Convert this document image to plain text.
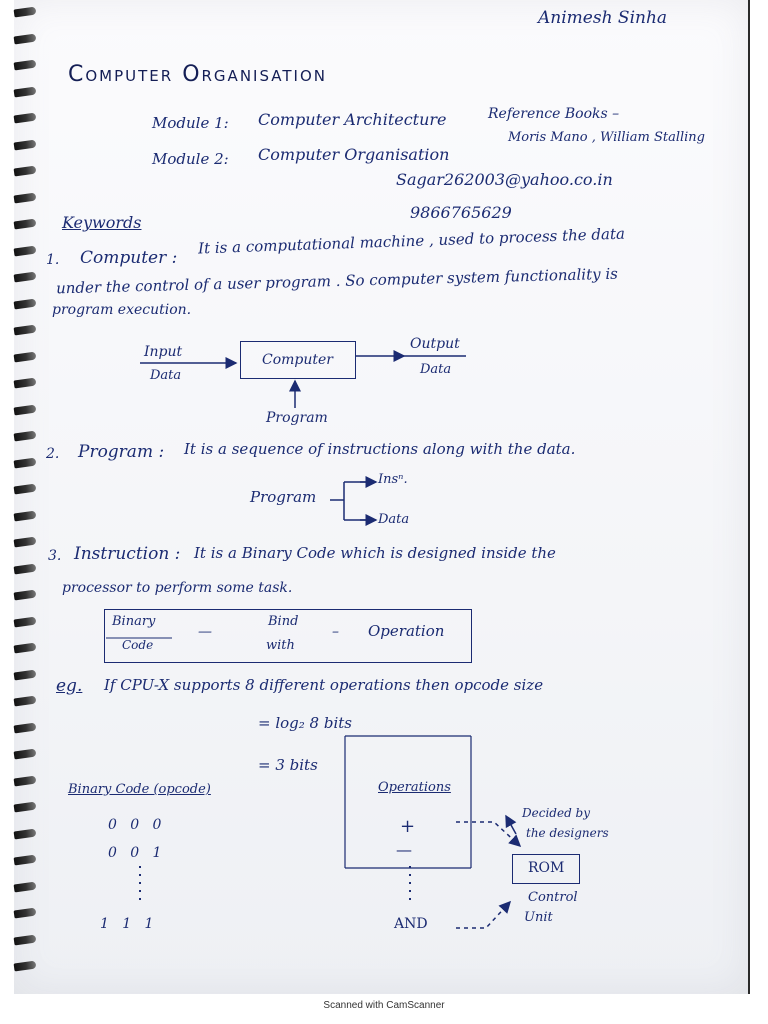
Animesh Sinha
Computer Organisation
Module 1: Computer Architecture
Module 2: Computer Organisation
Reference Books –
Moris Mano , William Stalling
Sagar262003@yahoo.co.in
9866765629
Keywords
1. Computer :
It is a computational machine , used to process the data
under the control of a user program . So computer system functionality is
program execution.
Input
Data
Computer
Output
Data
Program
2. Program : It is a sequence of instructions along with the data.
Program
Insⁿ.
Data
3. Instruction : It is a Binary Code which is designed inside the
processor to perform some task.
Binary
Code
—
Bind
with
– Operation
eg. If CPU-X supports 8 different operations then opcode size
= log₂ 8 bits
= 3 bits
Binary Code (opcode)
0   0   0
0   0   1
1   1   1
Operations
+
—
AND
Decided by
the designers
ROM
Control
Unit
Scanned with CamScanner
